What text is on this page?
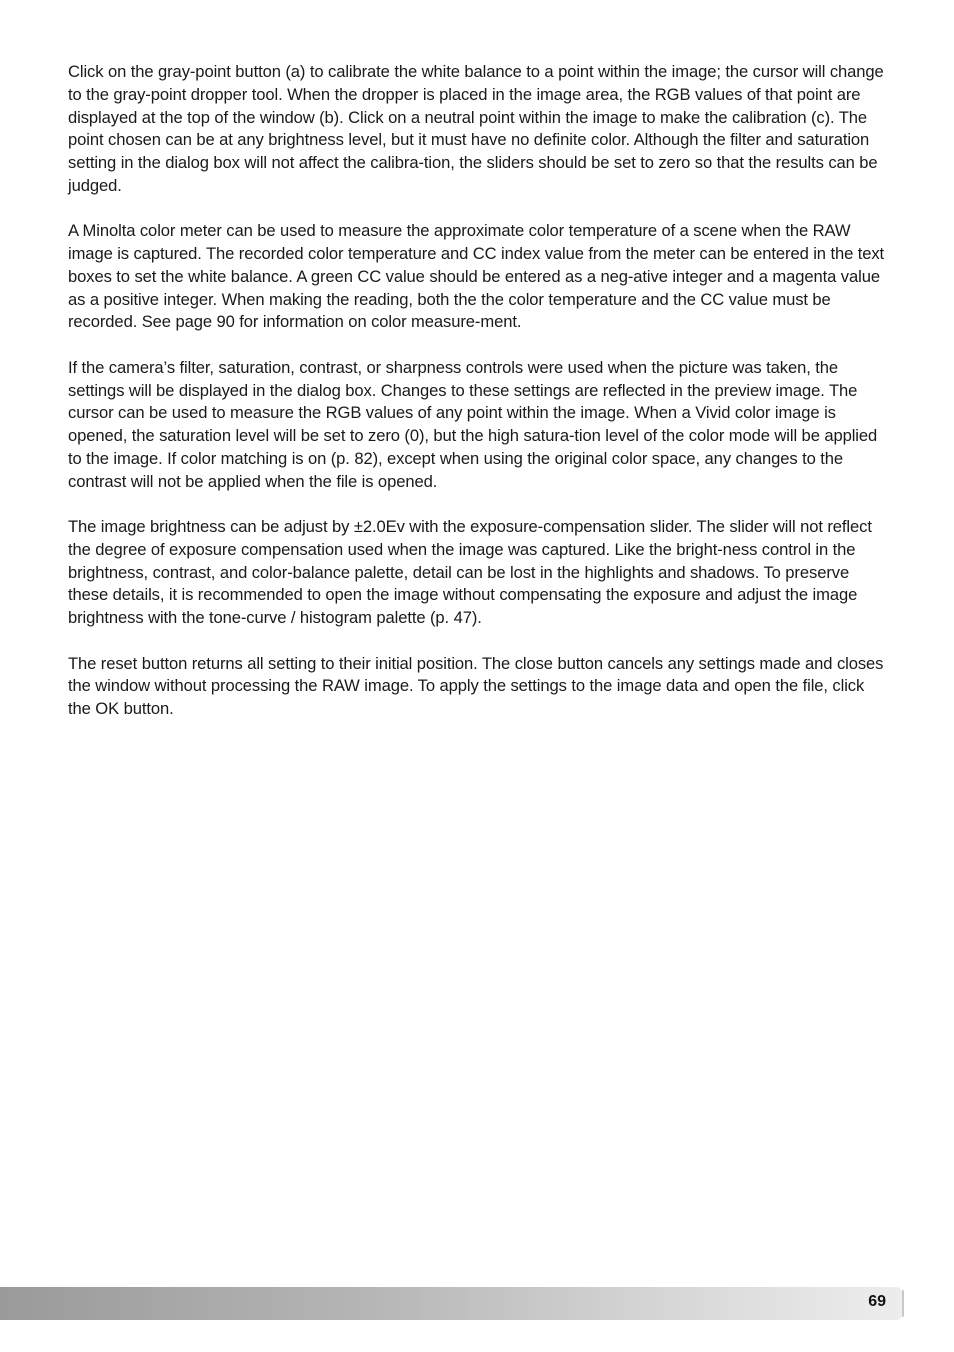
Click on the gray-point button (a) to calibrate the white balance to a point within the image; the cursor will change to the gray-point dropper tool. When the dropper is placed in the image area, the RGB values of that point are displayed at the top of the window (b). Click on a neutral point within the image to make the calibration (c). The point chosen can be at any brightness level, but it must have no definite color. Although the filter and saturation setting in the dialog box will not affect the calibra-tion, the sliders should be set to zero so that the results can be judged.

A Minolta color meter can be used to measure the approximate color temperature of a scene when the RAW image is captured. The recorded color temperature and CC index value from the meter can be entered in the text boxes to set the white balance. A green CC value should be entered as a neg-ative integer and a magenta value as a positive integer. When making the reading, both the the color temperature and the CC value must be recorded. See page 90 for information on color measure-ment.

If the camera’s filter, saturation, contrast, or sharpness controls were used when the picture was taken, the settings will be displayed in the dialog box. Changes to these settings are reflected in the preview image. The cursor can be used to measure the RGB values of any point within the image. When a Vivid color image is opened, the saturation level will be set to zero (0), but the high satura-tion level of the color mode will be applied to the image. If color matching is on (p. 82), except when using the original color space, any changes to the contrast will not be applied when the file is opened.

The image brightness can be adjust by ±2.0Ev with the exposure-compensation slider. The slider will not reflect the degree of exposure compensation used when the image was captured. Like the bright-ness control in the brightness, contrast, and color-balance palette, detail can be lost in the highlights and shadows. To preserve these details, it is recommended to open the image without compensating the exposure and adjust the image brightness with the tone-curve / histogram palette (p. 47).

The reset button returns all setting to their initial position. The close button cancels any settings made and closes the window without processing the RAW image. To apply the settings to the image data and open the file, click the OK button.

69
